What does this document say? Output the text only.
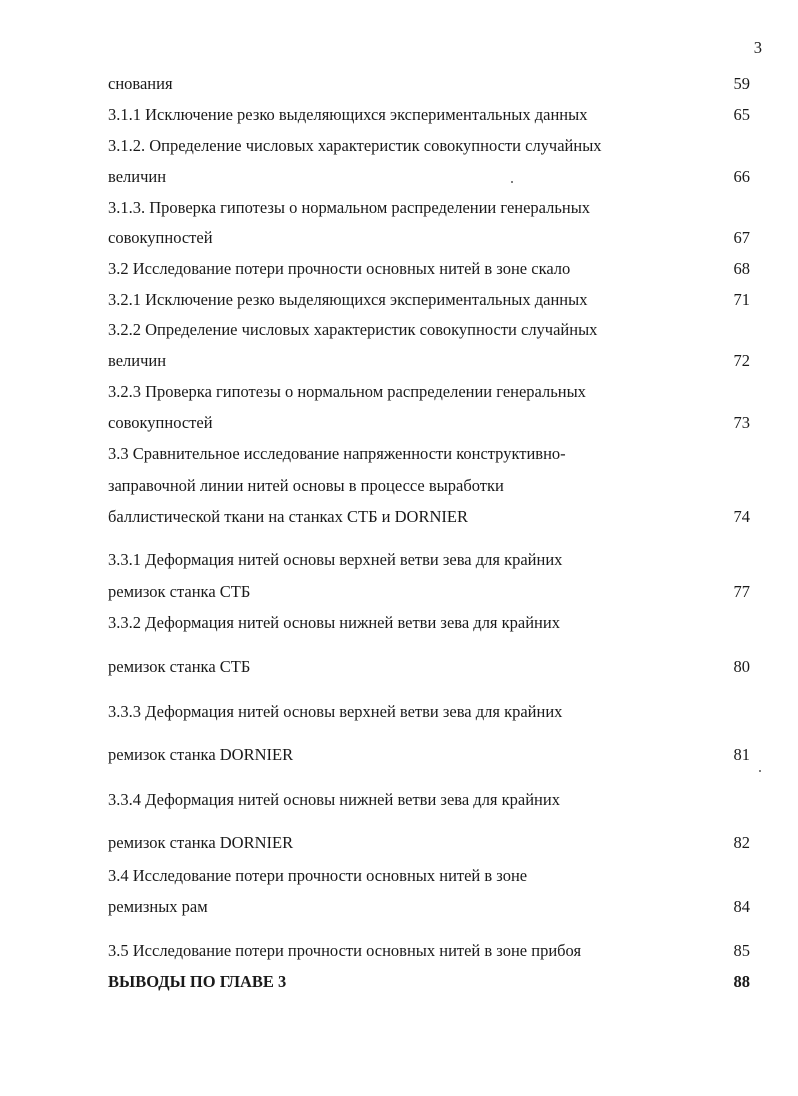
3
снования	59
3.1.1 Исключение резко выделяющихся экспериментальных данных	65
3.1.2. Определение числовых характеристик совокупности случайных
величин	66
3.1.3. Проверка гипотезы о нормальном распределении генеральных
совокупностей	67
3.2 Исследование потери прочности основных нитей в зоне скало	68
3.2.1 Исключение резко выделяющихся экспериментальных данных	71
3.2.2 Определение числовых характеристик совокупности случайных
величин	72
3.2.3 Проверка гипотезы о нормальном распределении генеральных
совокупностей	73
3.3 Сравнительное исследование напряженности конструктивно-
заправочной линии нитей основы в процессе выработки
баллистической ткани на станках СТБ и DORNIER	74
3.3.1 Деформация нитей основы верхней ветви зева для крайних
ремизок станка СТБ	77
3.3.2 Деформация нитей основы нижней ветви зева для крайних
ремизок станка СТБ	80
3.3.3 Деформация нитей основы верхней ветви зева для крайних
ремизок станка DORNIER	81
3.3.4 Деформация нитей основы нижней ветви зева для крайних
ремизок станка DORNIER	82
3.4 Исследование потери прочности основных нитей в зоне
ремизных рам	84
3.5 Исследование потери прочности основных нитей в зоне прибоя	85
ВЫВОДЫ ПО ГЛАВЕ 3	88
